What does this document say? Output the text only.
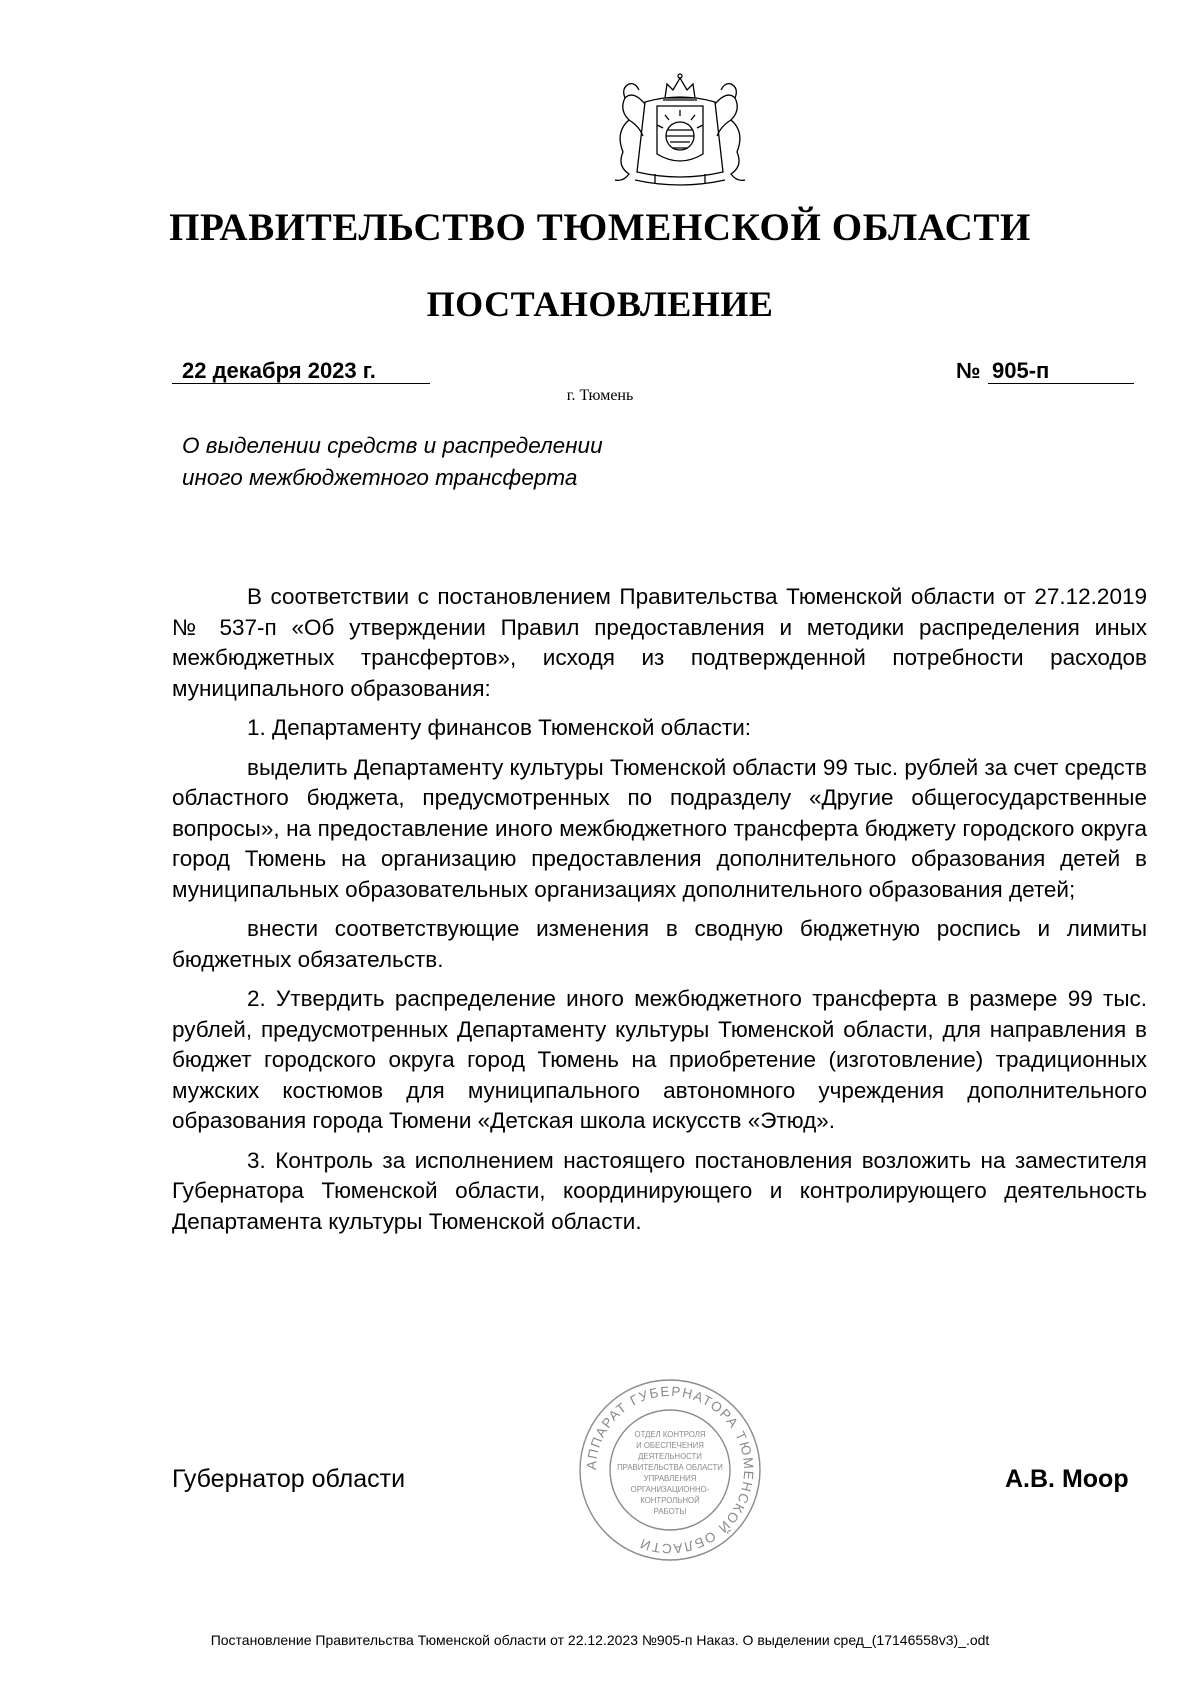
ПРАВИТЕЛЬСТВО ТЮМЕНСКОЙ ОБЛАСТИ
ПОСТАНОВЛЕНИЕ
22 декабря 2023 г.	№ 905-п
г. Тюмень
О выделении средств и распределении
иного межбюджетного трансферта

В соответствии с постановлением Правительства Тюменской области от 27.12.2019 № 537-п «Об утверждении Правил предоставления и методики распределения иных межбюджетных трансфертов», исходя из подтвержденной потребности расходов муниципального образования:

1. Департаменту финансов Тюменской области:

выделить Департаменту культуры Тюменской области 99 тыс. рублей за счет средств областного бюджета, предусмотренных по подразделу «Другие общегосударственные вопросы», на предоставление иного межбюджетного трансферта бюджету городского округа город Тюмень на организацию предоставления дополнительного образования детей в муниципальных образовательных организациях дополнительного образования детей;

внести соответствующие изменения в сводную бюджетную роспись и лимиты бюджетных обязательств.

2. Утвердить распределение иного межбюджетного трансферта в размере 99 тыс. рублей, предусмотренных Департаменту культуры Тюменской области, для направления в бюджет городского округа город Тюмень на приобретение (изготовление) традиционных мужских костюмов для муниципального автономного учреждения дополнительного образования города Тюмени «Детская школа искусств «Этюд».

3. Контроль за исполнением настоящего постановления возложить на заместителя Губернатора Тюменской области, координирующего и контролирующего деятельность Департамента культуры Тюменской области.

АППАРАТ ГУБЕРНАТОРА ТЮМЕНСКОЙ ОБЛАСТИ
ОТДЕЛ КОНТРОЛЯ
И ОБЕСПЕЧЕНИЯ
ДЕЯТЕЛЬНОСТИ
ПРАВИТЕЛЬСТВА ОБЛАСТИ
УПРАВЛЕНИЯ
ОРГАНИЗАЦИОННО-
КОНТРОЛЬНОЙ
РАБОТЫ
Губернатор области	А.В. Моор
Постановление Правительства Тюменской области от 22.12.2023 №905-п Наказ. О выделении сред_(17146558v3)_.odt
